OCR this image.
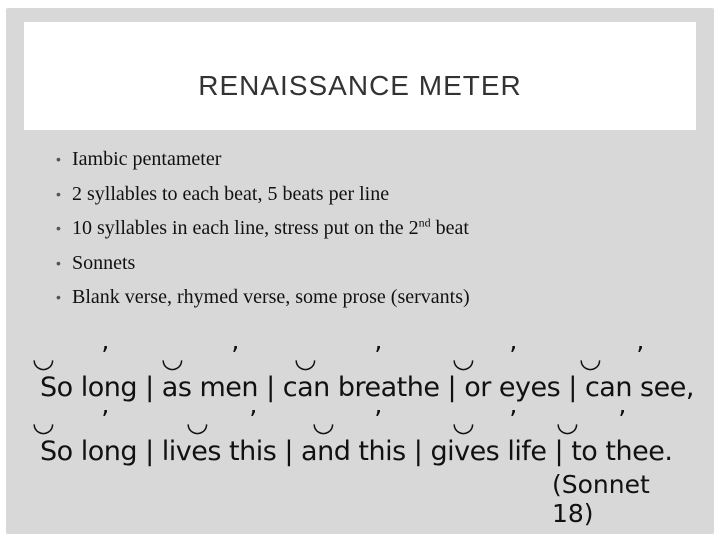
RENAISSANCE METER
• Iambic pentameter
• 2 syllables to each beat, 5 beats per line
• 10 syllables in each line, stress put on the 2nd beat
• Sonnets
• Blank verse, rhymed verse, some prose (servants)
◡ ʼ ◡ ʼ ◡ ʼ	◡ ʼ ◡ ʼ
So long | as men | can breathe | or eyes | can see,
◡ ʼ	◡ ʼ ◡ ʼ	◡ ʼ ◡ ʼ
So long | lives this | and this | gives life | to thee.
(Sonnet 18)
